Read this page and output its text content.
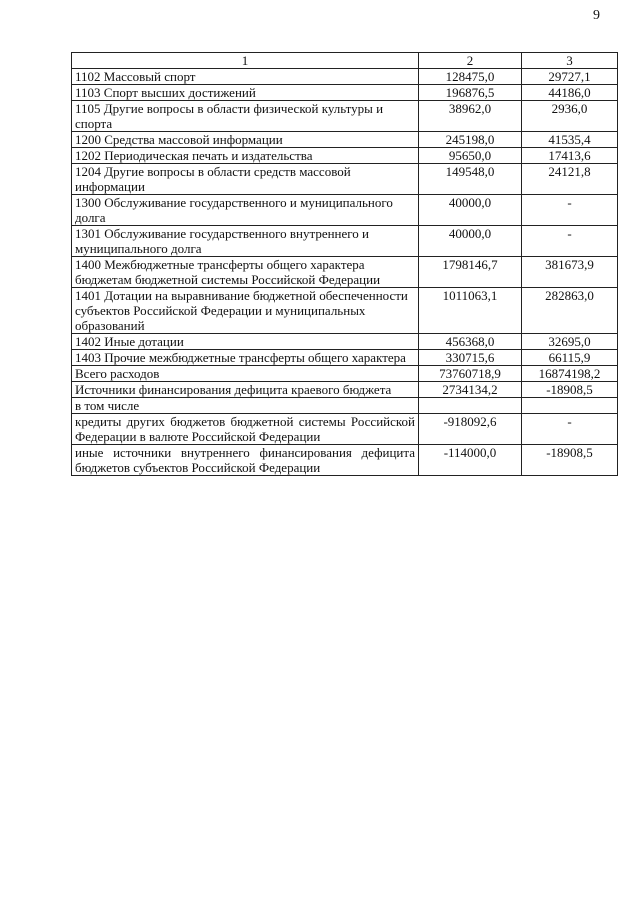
9
1	2	3
1102 Массовый спорт	128475,0	29727,1
1103 Спорт высших достижений	196876,5	44186,0
1105 Другие вопросы в области физической культуры и спорта	38962,0	2936,0
1200 Средства массовой информации	245198,0	41535,4
1202 Периодическая печать и издательства	95650,0	17413,6
1204 Другие вопросы в области средств массовой информации	149548,0	24121,8
1300 Обслуживание государственного и муниципального долга	40000,0	-
1301 Обслуживание государственного внутреннего и муниципального долга	40000,0	-
1400 Межбюджетные трансферты общего характера бюджетам бюджетной системы Российской Федерации	1798146,7	381673,9
1401 Дотации на выравнивание бюджетной обеспеченности субъектов Российской Федерации и муниципальных образований	1011063,1	282863,0
1402 Иные дотации	456368,0	32695,0
1403 Прочие межбюджетные трансферты общего характера	330715,6	66115,9
Всего расходов	73760718,9	16874198,2
Источники финансирования дефицита краевого бюджета	2734134,2	-18908,5
в том числе		
кредиты других бюджетов бюджетной системы Российской Федерации в валюте Российской Федерации	-918092,6	-
иные источники внутреннего финансирования дефицита бюджетов субъектов Российской Федерации	-114000,0	-18908,5
